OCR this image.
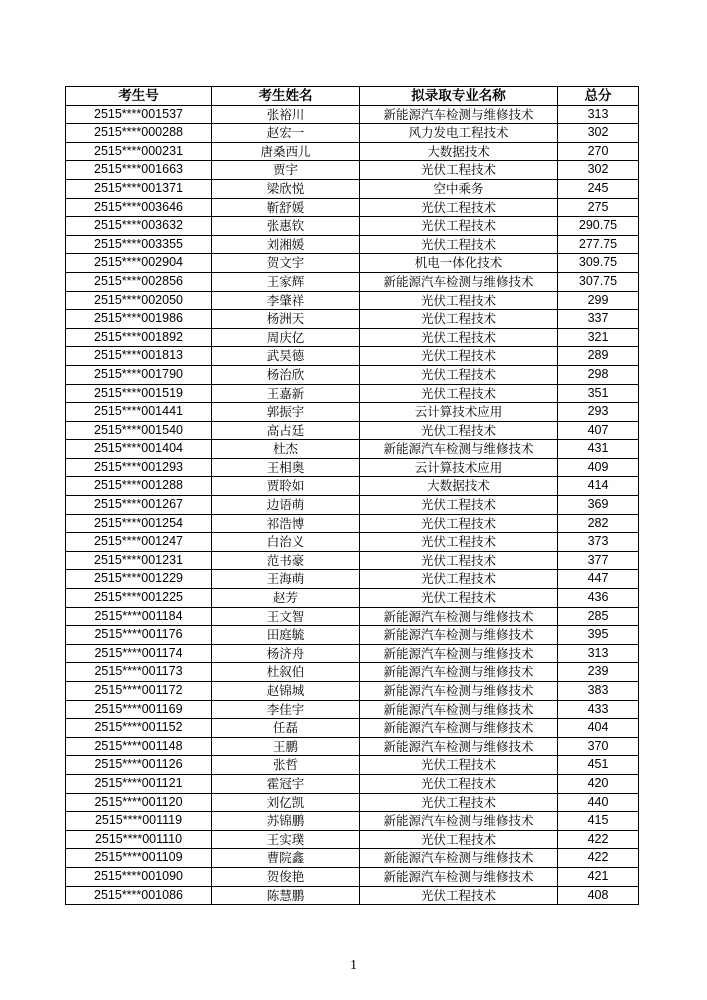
考生号	考生姓名	拟录取专业名称	总分
2515****001537	张裕川	新能源汽车检测与维修技术	313
2515****000288	赵宏一	风力发电工程技术	302
2515****000231	唐桑西儿	大数据技术	270
2515****001663	贾宇	光伏工程技术	302
2515****001371	梁欣悦	空中乘务	245
2515****003646	靳舒媛	光伏工程技术	275
2515****003632	张惠钦	光伏工程技术	290.75
2515****003355	刘湘媛	光伏工程技术	277.75
2515****002904	贺文宇	机电一体化技术	309.75
2515****002856	王家辉	新能源汽车检测与维修技术	307.75
2515****002050	李肇祥	光伏工程技术	299
2515****001986	杨洲天	光伏工程技术	337
2515****001892	周庆亿	光伏工程技术	321
2515****001813	武昊德	光伏工程技术	289
2515****001790	杨治欣	光伏工程技术	298
2515****001519	王嘉新	光伏工程技术	351
2515****001441	郭振宇	云计算技术应用	293
2515****001540	高占廷	光伏工程技术	407
2515****001404	杜杰	新能源汽车检测与维修技术	431
2515****001293	王相奥	云计算技术应用	409
2515****001288	贾聆如	大数据技术	414
2515****001267	边语萌	光伏工程技术	369
2515****001254	祁浩博	光伏工程技术	282
2515****001247	白治义	光伏工程技术	373
2515****001231	范书豪	光伏工程技术	377
2515****001229	王海萌	光伏工程技术	447
2515****001225	赵芳	光伏工程技术	436
2515****001184	王文智	新能源汽车检测与维修技术	285
2515****001176	田庭毓	新能源汽车检测与维修技术	395
2515****001174	杨济舟	新能源汽车检测与维修技术	313
2515****001173	杜叙伯	新能源汽车检测与维修技术	239
2515****001172	赵锦城	新能源汽车检测与维修技术	383
2515****001169	李佳宇	新能源汽车检测与维修技术	433
2515****001152	任磊	新能源汽车检测与维修技术	404
2515****001148	王鹏	新能源汽车检测与维修技术	370
2515****001126	张哲	光伏工程技术	451
2515****001121	霍冠宇	光伏工程技术	420
2515****001120	刘亿凯	光伏工程技术	440
2515****001119	苏锦鹏	新能源汽车检测与维修技术	415
2515****001110	王实璞	光伏工程技术	422
2515****001109	曹院鑫	新能源汽车检测与维修技术	422
2515****001090	贺俊艳	新能源汽车检测与维修技术	421
2515****001086	陈慧鹏	光伏工程技术	408
1
